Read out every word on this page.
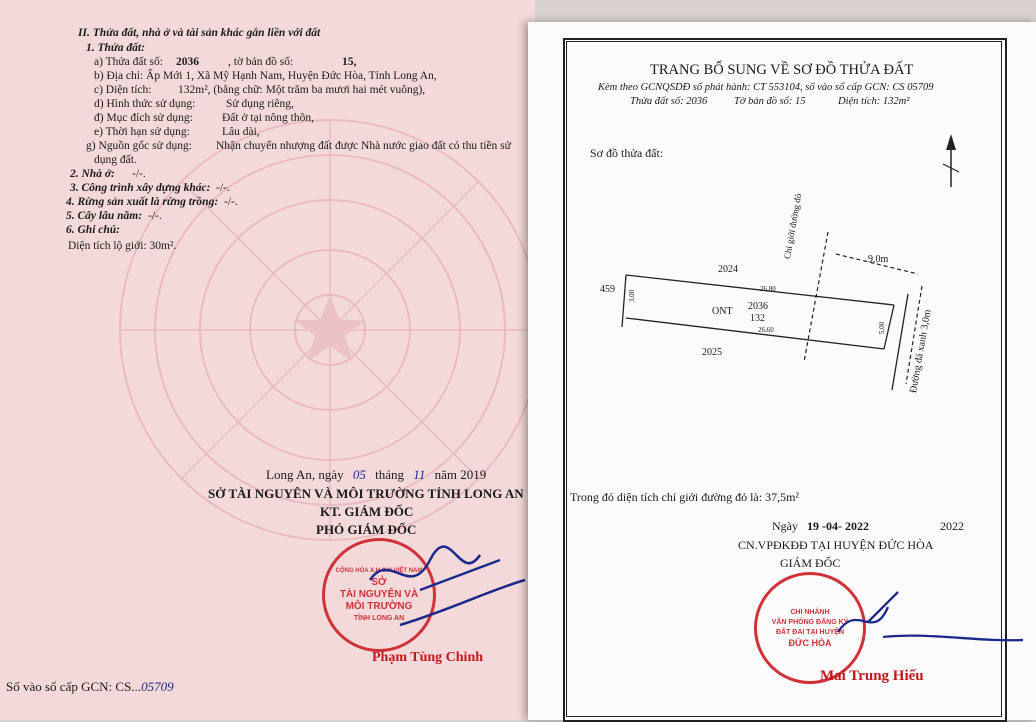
II. Thửa đất, nhà ở và tài sản khác gắn liền với đất
1. Thửa đất:
a) Thửa đất số: 2036	, tờ bản đồ số:	15,
b) Địa chỉ: Ấp Mới 1, Xã Mỹ Hạnh Nam, Huyện Đức Hòa, Tỉnh Long An,
c) Diện tích: 132m², (bằng chữ: Một trăm ba mươi hai mét vuông),
d) Hình thức sử dụng:	Sử dụng riêng,
đ) Mục đích sử dụng:	Đất ở tại nông thôn,
e) Thời hạn sử dụng:	Lâu dài,
g) Nguồn gốc sử dụng: Nhận chuyển nhượng đất được Nhà nước giao đất có thu tiền sử
dụng đất.
2. Nhà ở: -/-.
3. Công trình xây dựng khác: -/-.
4. Rừng sản xuất là rừng trồng: -/-.
5. Cây lâu năm: -/-.
6. Ghi chú:
Diện tích lộ giới: 30m².
Long An, ngày 05 tháng 11 năm 2019
SỞ TÀI NGUYÊN VÀ MÔI TRƯỜNG TỈNH LONG AN
KT. GIÁM ĐỐC
PHÓ GIÁM ĐỐC
CỘNG HÒA X.H.C.N VIỆT NAM
SỞ
TÀI NGUYÊN VÀ
MÔI TRƯỜNG
TỈNH LONG AN
Phạm Tùng Chinh
Số vào sổ cấp GCN: CS...05709
TRANG BỔ SUNG VỀ SƠ ĐỒ THỬA ĐẤT
Kèm theo GCNQSDĐ số phát hành: CT 553104, số vào sổ cấp GCN: CS 05709
Thửa đất số: 2036	Tờ bản đồ số: 15	Diện tích: 132m²
Sơ đồ thửa đất:
459
2024
2025
ONT 2036
132
26,80
26,60
3,00
5,00
9,0m
Chỉ giới đường đỏ
Đường đá xanh 3,0m
Trong đó diện tích chỉ giới đường đỏ là: 37,5m²
Ngày 19 -04- 2022	2022
CN.VPĐKĐĐ TẠI HUYỆN ĐỨC HÒA
GIÁM ĐỐC
CHI NHÁNH
VĂN PHÒNG ĐĂNG KÝ
ĐẤT ĐAI TẠI HUYỆN
ĐỨC HÒA
Mai Trung Hiếu
